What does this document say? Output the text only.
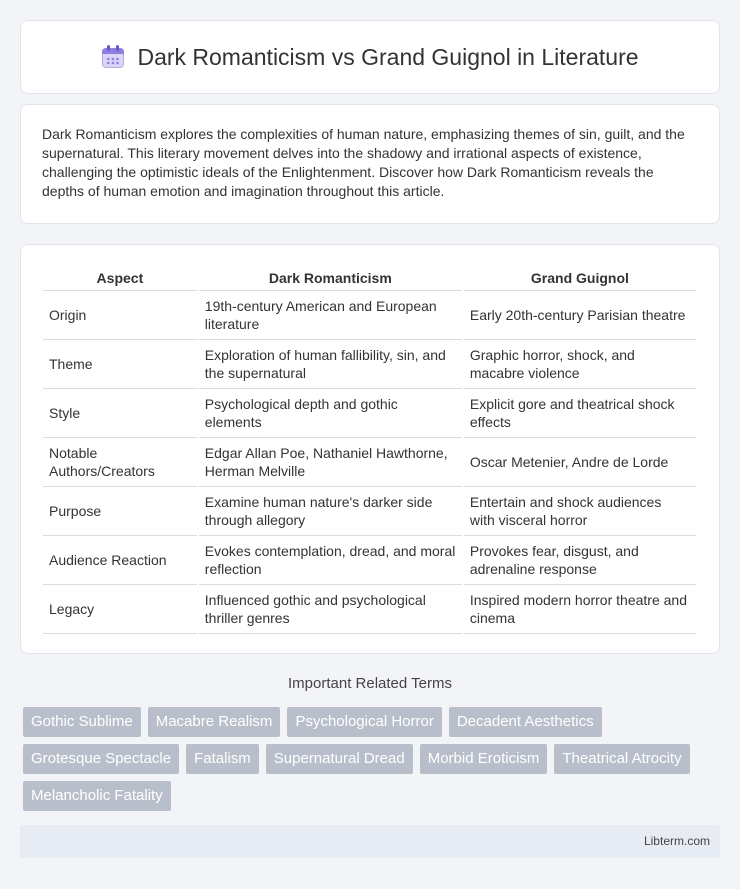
Dark Romanticism vs Grand Guignol in Literature

Dark Romanticism explores the complexities of human nature, emphasizing themes of sin, guilt, and the supernatural. This literary movement delves into the shadowy and irrational aspects of existence, challenging the optimistic ideals of the Enlightenment. Discover how Dark Romanticism reveals the depths of human emotion and imagination throughout this article.

Aspect	Dark Romanticism	Grand Guignol
Origin	19th-century American and European literature	Early 20th-century Parisian theatre
Theme	Exploration of human fallibility, sin, and the supernatural	Graphic horror, shock, and macabre violence
Style	Psychological depth and gothic elements	Explicit gore and theatrical shock effects
Notable Authors/Creators	Edgar Allan Poe, Nathaniel Hawthorne, Herman Melville	Oscar Metenier, Andre de Lorde
Purpose	Examine human nature's darker side through allegory	Entertain and shock audiences with visceral horror
Audience Reaction	Evokes contemplation, dread, and moral reflection	Provokes fear, disgust, and adrenaline response
Legacy	Influenced gothic and psychological thriller genres	Inspired modern horror theatre and cinema
Important Related Terms
Gothic Sublime	Macabre Realism	Psychological Horror	Decadent Aesthetics
Grotesque Spectacle	Fatalism	Supernatural Dread	Morbid Eroticism	Theatrical Atrocity
Melancholic Fatality
Libterm.com
